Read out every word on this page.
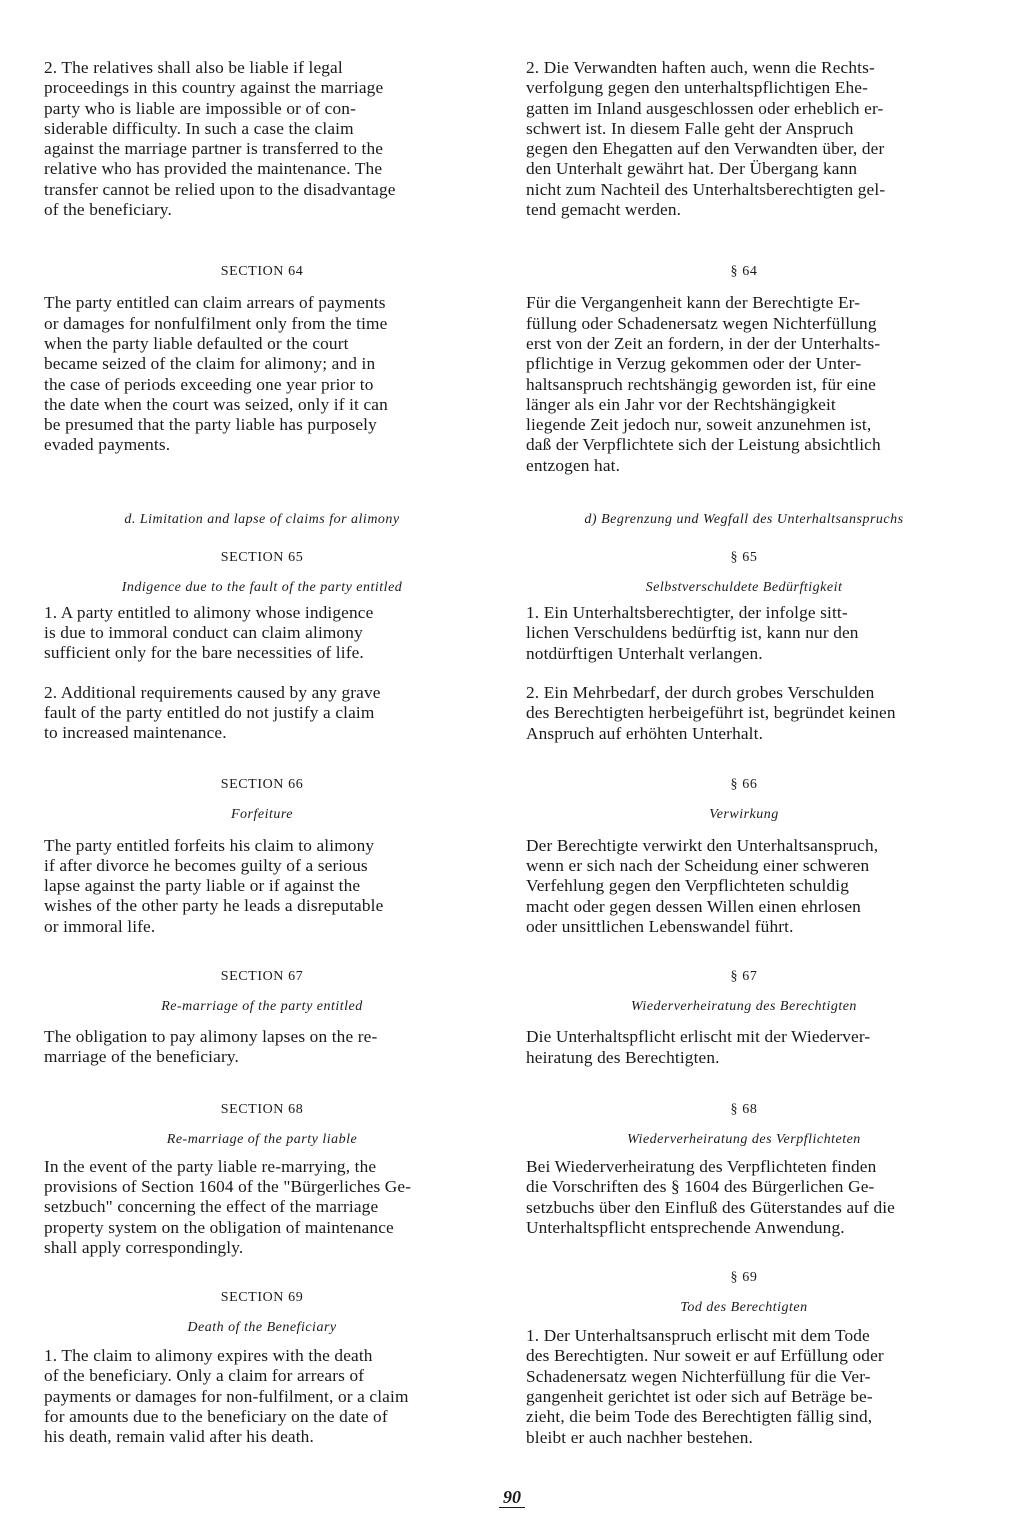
2. The relatives shall also be liable if legal
proceedings in this country against the marriage
party who is liable are impossible or of con-
siderable difficulty. In such a case the claim
against the marriage partner is transferred to the
relative who has provided the maintenance. The
transfer cannot be relied upon to the disadvantage
of the beneficiary.

SECTION 64

The party entitled can claim arrears of payments
or damages for nonfulfilment only from the time
when the party liable defaulted or the court
became seized of the claim for alimony; and in
the case of periods exceeding one year prior to
the date when the court was seized, only if it can
be presumed that the party liable has purposely
evaded payments.

d. Limitation and lapse of claims for alimony

SECTION 65

Indigence due to the fault of the party entitled

1. A party entitled to alimony whose indigence
is due to immoral conduct can claim alimony
sufficient only for the bare necessities of life.

2. Additional requirements caused by any grave
fault of the party entitled do not justify a claim
to increased maintenance.

SECTION 66

Forfeiture

The party entitled forfeits his claim to alimony
if after divorce he becomes guilty of a serious
lapse against the party liable or if against the
wishes of the other party he leads a disreputable
or immoral life.

SECTION 67

Re-marriage of the party entitled

The obligation to pay alimony lapses on the re-
marriage of the beneficiary.

SECTION 68

Re-marriage of the party liable

In the event of the party liable re-marrying, the
provisions of Section 1604 of the "Bürgerliches Ge-
setzbuch" concerning the effect of the marriage
property system on the obligation of maintenance
shall apply correspondingly.

SECTION 69

Death of the Beneficiary

1. The claim to alimony expires with the death
of the beneficiary. Only a claim for arrears of
payments or damages for non-fulfilment, or a claim
for amounts due to the beneficiary on the date of
his death, remain valid after his death.

2. Die Verwandten haften auch, wenn die Rechts-
verfolgung gegen den unterhaltspflichtigen Ehe-
gatten im Inland ausgeschlossen oder erheblich er-
schwert ist. In diesem Falle geht der Anspruch
gegen den Ehegatten auf den Verwandten über, der
den Unterhalt gewährt hat. Der Übergang kann
nicht zum Nachteil des Unterhaltsberechtigten gel-
tend gemacht werden.

§ 64

Für die Vergangenheit kann der Berechtigte Er-
füllung oder Schadenersatz wegen Nichterfüllung
erst von der Zeit an fordern, in der der Unterhalts-
pflichtige in Verzug gekommen oder der Unter-
haltsanspruch rechtshängig geworden ist, für eine
länger als ein Jahr vor der Rechtshängigkeit
liegende Zeit jedoch nur, soweit anzunehmen ist,
daß der Verpflichtete sich der Leistung absichtlich
entzogen hat.

d) Begrenzung und Wegfall des Unterhaltsanspruchs

§ 65

Selbstverschuldete Bedürftigkeit

1. Ein Unterhaltsberechtigter, der infolge sitt-
lichen Verschuldens bedürftig ist, kann nur den
notdürftigen Unterhalt verlangen.

2. Ein Mehrbedarf, der durch grobes Verschulden
des Berechtigten herbeigeführt ist, begründet keinen
Anspruch auf erhöhten Unterhalt.

§ 66

Verwirkung

Der Berechtigte verwirkt den Unterhaltsanspruch,
wenn er sich nach der Scheidung einer schweren
Verfehlung gegen den Verpflichteten schuldig
macht oder gegen dessen Willen einen ehrlosen
oder unsittlichen Lebenswandel führt.

§ 67

Wiederverheiratung des Berechtigten

Die Unterhaltspflicht erlischt mit der Wiederver-
heiratung des Berechtigten.

§ 68

Wiederverheiratung des Verpflichteten

Bei Wiederverheiratung des Verpflichteten finden
die Vorschriften des § 1604 des Bürgerlichen Ge-
setzbuchs über den Einfluß des Güterstandes auf die
Unterhaltspflicht entsprechende Anwendung.

§ 69

Tod des Berechtigten

1. Der Unterhaltsanspruch erlischt mit dem Tode
des Berechtigten. Nur soweit er auf Erfüllung oder
Schadenersatz wegen Nichterfüllung für die Ver-
gangenheit gerichtet ist oder sich auf Beträge be-
zieht, die beim Tode des Berechtigten fällig sind,
bleibt er auch nachher bestehen.

90
